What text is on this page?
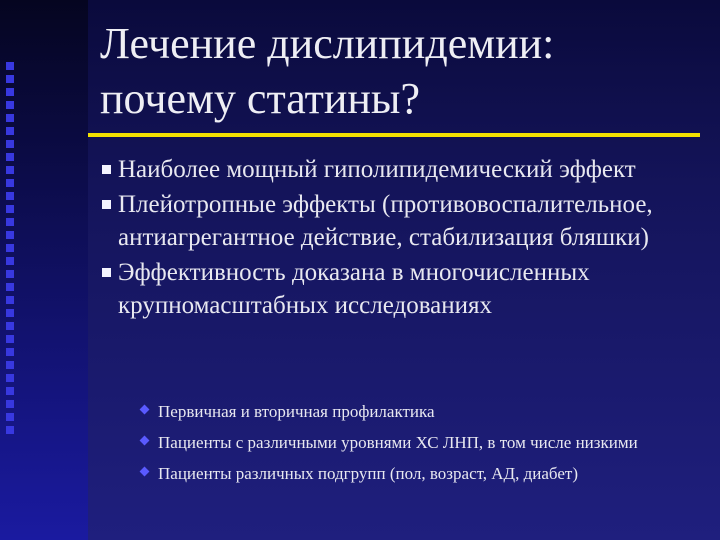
Лечение дислипидемии:
почему статины?
Наиболее мощный гиполипидемический эффект
Плейотропные эффекты (противовоспалительное, антиагрегантное действие, стабилизация бляшки)
Эффективность доказана в многочисленных крупномасштабных исследованиях
Первичная и вторичная профилактика
Пациенты с различными уровнями ХС ЛНП, в том числе низкими
Пациенты различных подгрупп (пол, возраст, АД, диабет)
